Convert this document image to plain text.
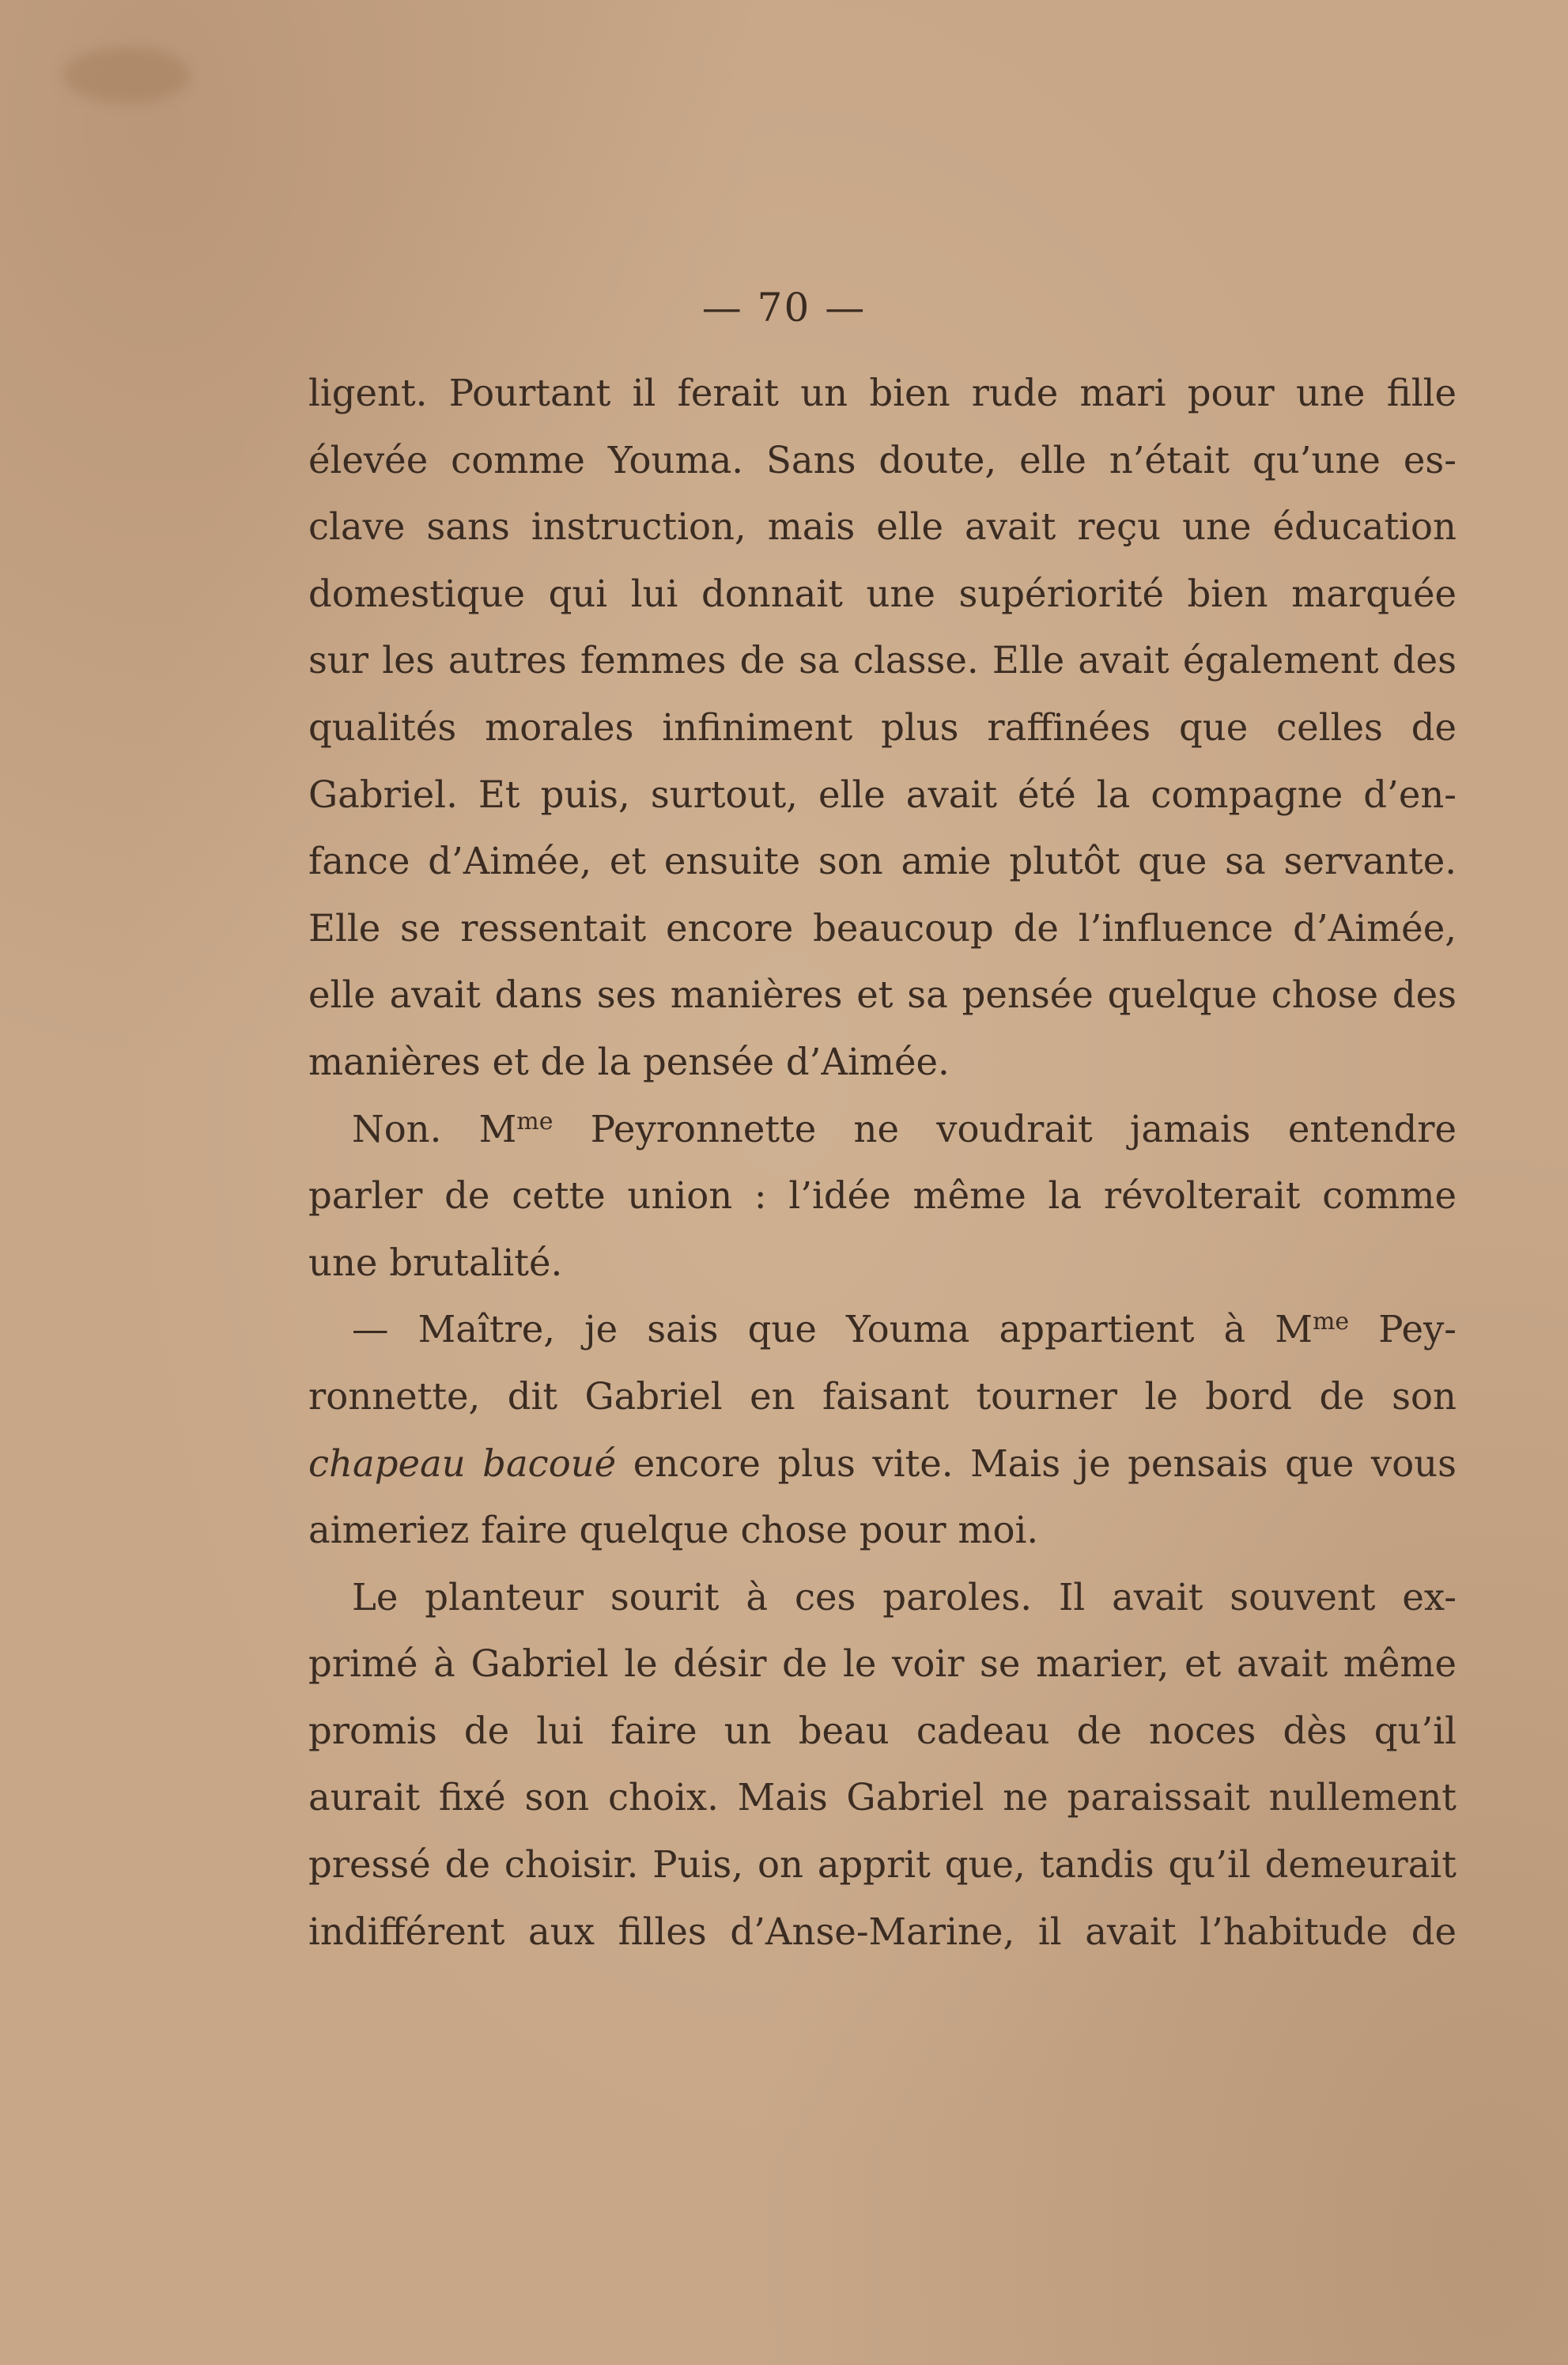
— 70 —
ligent. Pourtant il ferait un bien rude mari pour une fille
élevée comme Youma. Sans doute, elle n’était qu’une es-
clave sans instruction, mais elle avait reçu une éducation
domestique qui lui donnait une supériorité bien marquée
sur les autres femmes de sa classe. Elle avait également des
qualités morales infiniment plus raffinées que celles de
Gabriel. Et puis, surtout, elle avait été la compagne d’en-
fance d’Aimée, et ensuite son amie plutôt que sa servante.
Elle se ressentait encore beaucoup de l’influence d’Aimée,
elle avait dans ses manières et sa pensée quelque chose des
manières et de la pensée d’Aimée.
Non. $M^{me}$ Peyronnette ne voudrait jamais entendre
parler de cette union : l’idée même la révolterait comme
une brutalité.
— Maître, je sais que Youma appartient à $M^{me}$ Pey-
ronnette, dit Gabriel en faisant tourner le bord de son
chapeau bacoué encore plus vite. Mais je pensais que vous
aimeriez faire quelque chose pour moi.
Le planteur sourit à ces paroles. Il avait souvent ex-
primé à Gabriel le désir de le voir se marier, et avait même
promis de lui faire un beau cadeau de noces dès qu’il
aurait fixé son choix. Mais Gabriel ne paraissait nullement
pressé de choisir. Puis, on apprit que, tandis qu’il demeurait
indifférent aux filles d’Anse-Marine, il avait l’habitude de
